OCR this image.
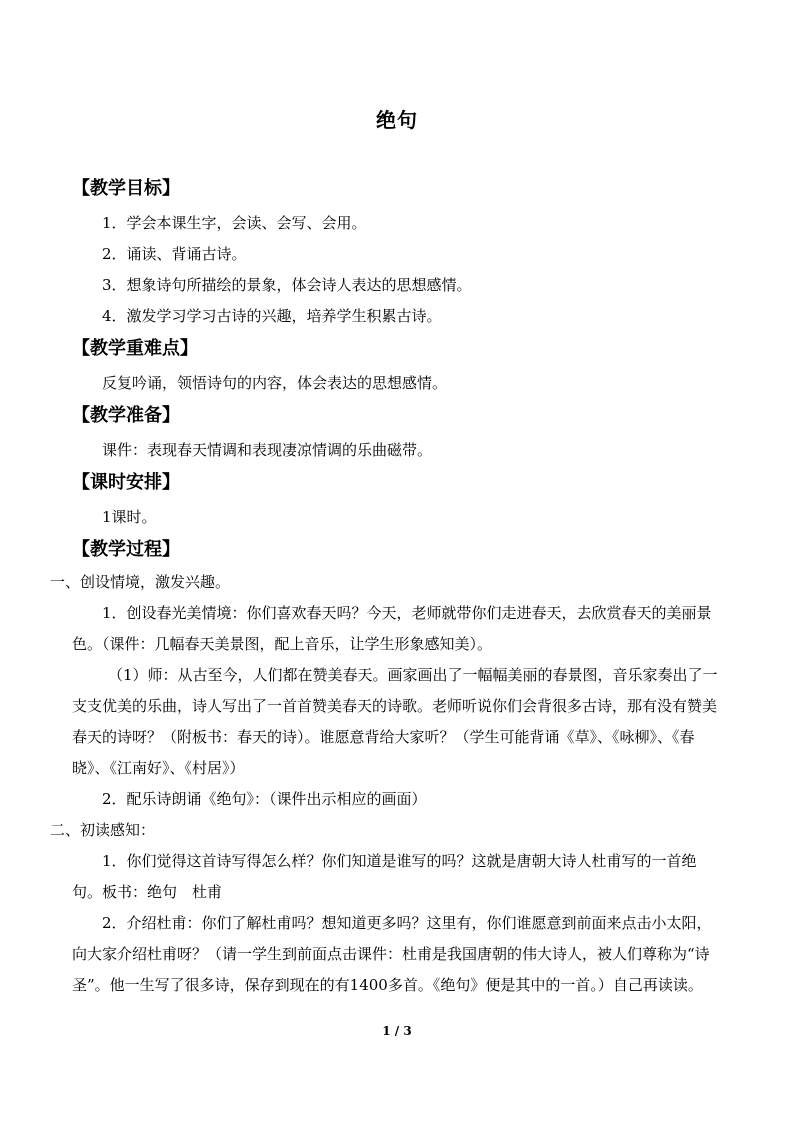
绝句
【教学目标】
1．学会本课生字，会读、会写、会用。
2．诵读、背诵古诗。
3．想象诗句所描绘的景象，体会诗人表达的思想感情。
4．激发学习学习古诗的兴趣，培养学生积累古诗。
【教学重难点】
反复吟诵，领悟诗句的内容，体会表达的思想感情。
【教学准备】
课件：表现春天情调和表现凄凉情调的乐曲磁带。
【课时安排】
1课时。
【教学过程】
一、创设情境，激发兴趣。
1．创设春光美情境：你们喜欢春天吗？今天，老师就带你们走进春天，去欣赏春天的美丽景色。（课件：几幅春天美景图，配上音乐，让学生形象感知美）。
（1）师：从古至今，人们都在赞美春天。画家画出了一幅幅美丽的春景图，音乐家奏出了一支支优美的乐曲，诗人写出了一首首赞美春天的诗歌。老师听说你们会背很多古诗，那有没有赞美春天的诗呀？（附板书：春天的诗）。谁愿意背给大家听？（学生可能背诵《草》、《咏柳》、《春晓》、《江南好》、《村居》）
2．配乐诗朗诵《绝句》：（课件出示相应的画面）
二、初读感知：
1．你们觉得这首诗写得怎么样？你们知道是谁写的吗？这就是唐朝大诗人杜甫写的一首绝句。板书：绝句　杜甫
2．介绍杜甫：你们了解杜甫吗？想知道更多吗？这里有，你们谁愿意到前面来点击小太阳，向大家介绍杜甫呀？（请一学生到前面点击课件：杜甫是我国唐朝的伟大诗人，被人们尊称为“诗圣”。他一生写了很多诗，保存到现在的有1400多首。《绝句》便是其中的一首。）自己再读读。
1 / 3
